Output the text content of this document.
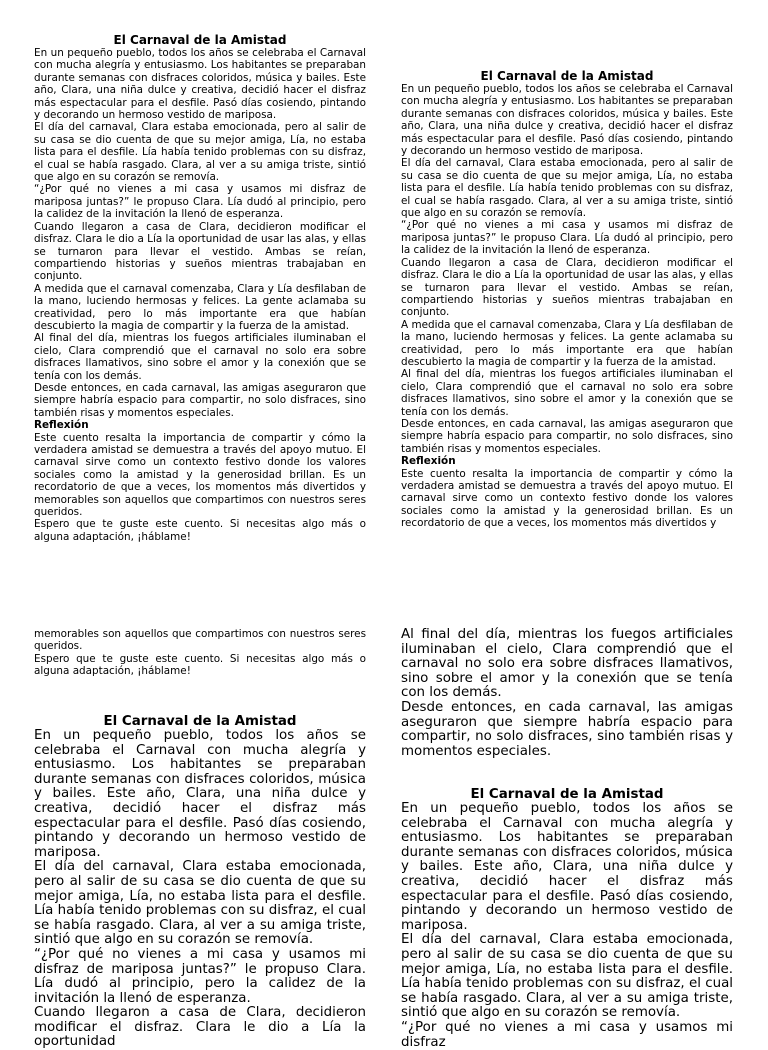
El Carnaval de la Amistad

En un pequeño pueblo, todos los años se celebraba el Carnaval con mucha alegría y entusiasmo. Los habitantes se preparaban durante semanas con disfraces coloridos, música y bailes. Este año, Clara, una niña dulce y creativa, decidió hacer el disfraz más espectacular para el desfile. Pasó días cosiendo, pintando y decorando un hermoso vestido de mariposa.

El día del carnaval, Clara estaba emocionada, pero al salir de su casa se dio cuenta de que su mejor amiga, Lía, no estaba lista para el desfile. Lía había tenido problemas con su disfraz, el cual se había rasgado. Clara, al ver a su amiga triste, sintió que algo en su corazón se removía.

“¿Por qué no vienes a mi casa y usamos mi disfraz de mariposa juntas?” le propuso Clara. Lía dudó al principio, pero la calidez de la invitación la llenó de esperanza.

Cuando llegaron a casa de Clara, decidieron modificar el disfraz. Clara le dio a Lía la oportunidad de usar las alas, y ellas se turnaron para llevar el vestido. Ambas se reían, compartiendo historias y sueños mientras trabajaban en conjunto.

A medida que el carnaval comenzaba, Clara y Lía desfilaban de la mano, luciendo hermosas y felices. La gente aclamaba su creatividad, pero lo más importante era que habían descubierto la magia de compartir y la fuerza de la amistad.

Al final del día, mientras los fuegos artificiales iluminaban el cielo, Clara comprendió que el carnaval no solo era sobre disfraces llamativos, sino sobre el amor y la conexión que se tenía con los demás.

Desde entonces, en cada carnaval, las amigas aseguraron que siempre habría espacio para compartir, no solo disfraces, sino también risas y momentos especiales.

Reflexión

Este cuento resalta la importancia de compartir y cómo la verdadera amistad se demuestra a través del apoyo mutuo. El carnaval sirve como un contexto festivo donde los valores sociales como la amistad y la generosidad brillan. Es un recordatorio de que a veces, los momentos más divertidos y memorables son aquellos que compartimos con nuestros seres queridos.

Espero que te guste este cuento. Si necesitas algo más o alguna adaptación, ¡háblame!

El Carnaval de la Amistad

En un pequeño pueblo, todos los años se celebraba el Carnaval con mucha alegría y entusiasmo. Los habitantes se preparaban durante semanas con disfraces coloridos, música y bailes. Este año, Clara, una niña dulce y creativa, decidió hacer el disfraz más espectacular para el desfile. Pasó días cosiendo, pintando y decorando un hermoso vestido de mariposa.

El día del carnaval, Clara estaba emocionada, pero al salir de su casa se dio cuenta de que su mejor amiga, Lía, no estaba lista para el desfile. Lía había tenido problemas con su disfraz, el cual se había rasgado. Clara, al ver a su amiga triste, sintió que algo en su corazón se removía.

“¿Por qué no vienes a mi casa y usamos mi disfraz de mariposa juntas?” le propuso Clara. Lía dudó al principio, pero la calidez de la invitación la llenó de esperanza.

Cuando llegaron a casa de Clara, decidieron modificar el disfraz. Clara le dio a Lía la oportunidad de usar las alas, y ellas se turnaron para llevar el vestido. Ambas se reían, compartiendo historias y sueños mientras trabajaban en conjunto.

A medida que el carnaval comenzaba, Clara y Lía desfilaban de la mano, luciendo hermosas y felices. La gente aclamaba su creatividad, pero lo más importante era que habían descubierto la magia de compartir y la fuerza de la amistad.

Al final del día, mientras los fuegos artificiales iluminaban el cielo, Clara comprendió que el carnaval no solo era sobre disfraces llamativos, sino sobre el amor y la conexión que se tenía con los demás.

Desde entonces, en cada carnaval, las amigas aseguraron que siempre habría espacio para compartir, no solo disfraces, sino también risas y momentos especiales.

Reflexión

Este cuento resalta la importancia de compartir y cómo la verdadera amistad se demuestra a través del apoyo mutuo. El carnaval sirve como un contexto festivo donde los valores sociales como la amistad y la generosidad brillan. Es un recordatorio de que a veces, los momentos más divertidos y

memorables son aquellos que compartimos con nuestros seres queridos.

Espero que te guste este cuento. Si necesitas algo más o alguna adaptación, ¡háblame!

El Carnaval de la Amistad

En un pequeño pueblo, todos los años se celebraba el Carnaval con mucha alegría y entusiasmo. Los habitantes se preparaban durante semanas con disfraces coloridos, música y bailes. Este año, Clara, una niña dulce y creativa, decidió hacer el disfraz más espectacular para el desfile. Pasó días cosiendo, pintando y decorando un hermoso vestido de mariposa.

El día del carnaval, Clara estaba emocionada, pero al salir de su casa se dio cuenta de que su mejor amiga, Lía, no estaba lista para el desfile. Lía había tenido problemas con su disfraz, el cual se había rasgado. Clara, al ver a su amiga triste, sintió que algo en su corazón se removía.

“¿Por qué no vienes a mi casa y usamos mi disfraz de mariposa juntas?” le propuso Clara. Lía dudó al principio, pero la calidez de la invitación la llenó de esperanza.

Cuando llegaron a casa de Clara, decidieron modificar el disfraz. Clara le dio a Lía la oportunidad

Al final del día, mientras los fuegos artificiales iluminaban el cielo, Clara comprendió que el carnaval no solo era sobre disfraces llamativos, sino sobre el amor y la conexión que se tenía con los demás.

Desde entonces, en cada carnaval, las amigas aseguraron que siempre habría espacio para compartir, no solo disfraces, sino también risas y momentos especiales.

El Carnaval de la Amistad

En un pequeño pueblo, todos los años se celebraba el Carnaval con mucha alegría y entusiasmo. Los habitantes se preparaban durante semanas con disfraces coloridos, música y bailes. Este año, Clara, una niña dulce y creativa, decidió hacer el disfraz más espectacular para el desfile. Pasó días cosiendo, pintando y decorando un hermoso vestido de mariposa.

El día del carnaval, Clara estaba emocionada, pero al salir de su casa se dio cuenta de que su mejor amiga, Lía, no estaba lista para el desfile. Lía había tenido problemas con su disfraz, el cual se había rasgado. Clara, al ver a su amiga triste, sintió que algo en su corazón se removía.

“¿Por qué no vienes a mi casa y usamos mi disfraz
